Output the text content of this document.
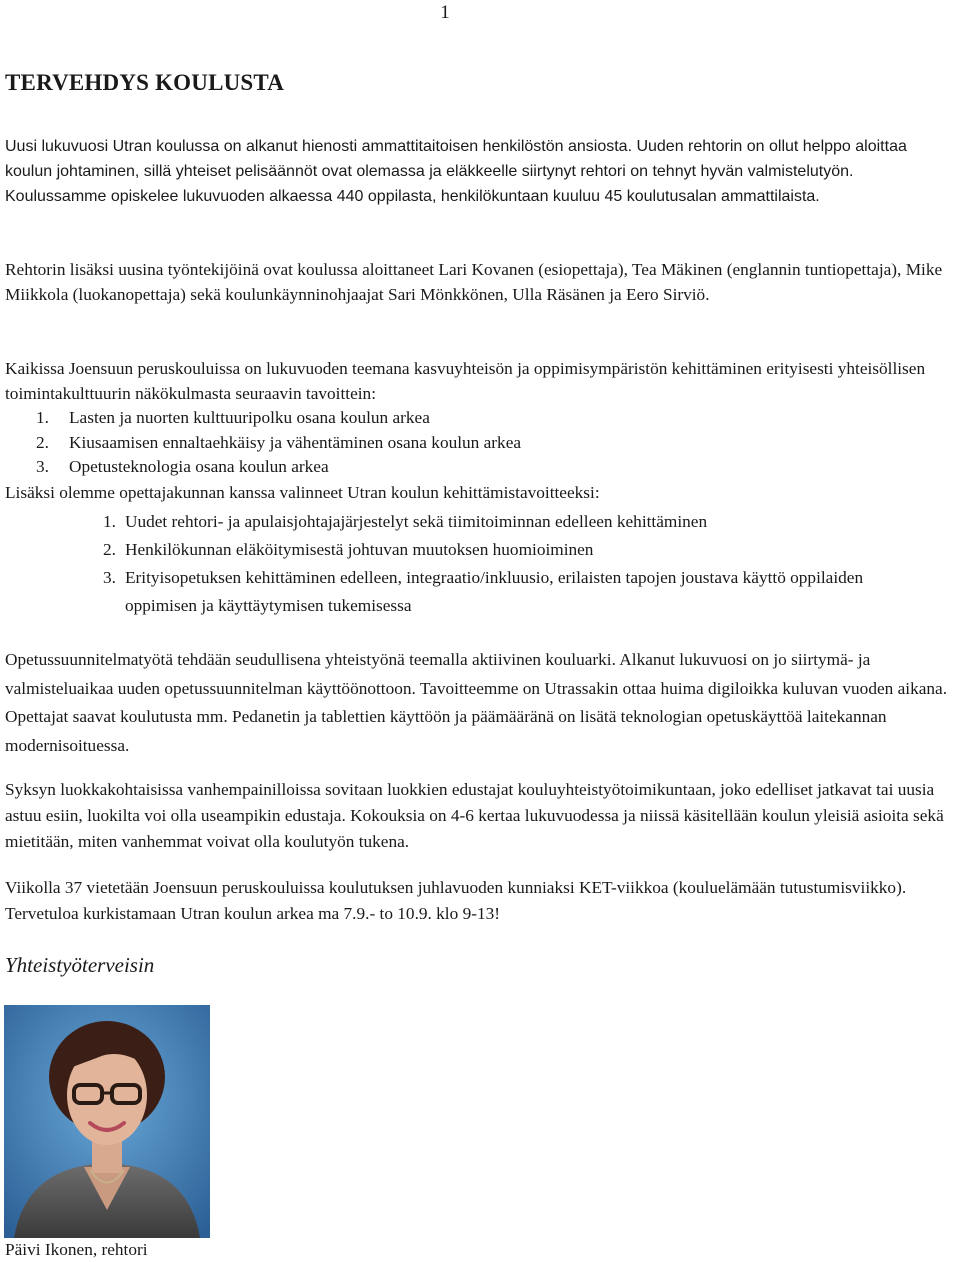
1
TERVEHDYS KOULUSTA

Uusi lukuvuosi Utran koulussa on alkanut hienosti ammattitaitoisen henkilöstön ansiosta. Uuden rehtorin on ollut helppo aloittaa koulun johtaminen, sillä yhteiset pelisäännöt ovat olemassa ja eläkkeelle siirtynyt rehtori on tehnyt hyvän valmistelutyön. Koulussamme opiskelee lukuvuoden alkaessa 440 oppilasta, henkilökuntaan kuuluu 45 koulutusalan ammattilaista.

Rehtorin lisäksi uusina työntekijöinä ovat koulussa aloittaneet Lari Kovanen (esiopettaja), Tea Mäkinen (englannin tuntiopettaja), Mike Miikkola (luokanopettaja) sekä koulunkäynninohjaajat Sari Mönkkönen, Ulla Räsänen ja Eero Sirviö.

Kaikissa Joensuun peruskouluissa on lukuvuoden teemana kasvuyhteisön ja oppimisympäristön kehittäminen erityisesti yhteisöllisen toimintakulttuurin näkökulmasta seuraavin tavoittein:
1. Lasten ja nuorten kulttuuripolku osana koulun arkea
2. Kiusaamisen ennaltaehkäisy ja vähentäminen osana koulun arkea
3. Opetusteknologia osana koulun arkea
Lisäksi olemme opettajakunnan kanssa valinneet Utran koulun kehittämistavoitteeksi:
1. Uudet rehtori- ja apulaisjohtajajärjestelyt sekä tiimitoiminnan edelleen kehittäminen
2. Henkilökunnan eläköitymisestä johtuvan muutoksen huomioiminen
3. Erityisopetuksen kehittäminen edelleen, integraatio/inkluusio, erilaisten tapojen joustava käyttö oppilaiden oppimisen ja käyttäytymisen tukemisessa

Opetussuunnitelmatyötä tehdään seudullisena yhteistyönä teemalla aktiivinen kouluarki. Alkanut lukuvuosi on jo siirtymä- ja valmisteluaikaa uuden opetussuunnitelman käyttöönottoon. Tavoitteemme on Utrassakin ottaa huima digiloikka kuluvan vuoden aikana. Opettajat saavat koulutusta mm. Pedanetin ja tablettien käyttöön ja päämääränä on lisätä teknologian opetuskäyttöä laitekannan modernisoituessa.

Syksyn luokkakohtaisissa vanhempainilloissa sovitaan luokkien edustajat kouluyhteistyötoimikuntaan, joko edelliset jatkavat tai uusia astuu esiin, luokilta voi olla useampikin edustaja. Kokouksia on 4-6 kertaa lukuvuodessa ja niissä käsitellään koulun yleisiä asioita sekä mietitään, miten vanhemmat voivat olla koulutyön tukena.

Viikolla 37 vietetään Joensuun peruskouluissa koulutuksen juhlavuoden kunniaksi KET-viikkoa (kouluelämään tutustumisviikko). Tervetuloa kurkistamaan Utran koulun arkea ma 7.9.- to 10.9. klo 9-13!

Yhteistyöterveisin

Päivi Ikonen, rehtori
